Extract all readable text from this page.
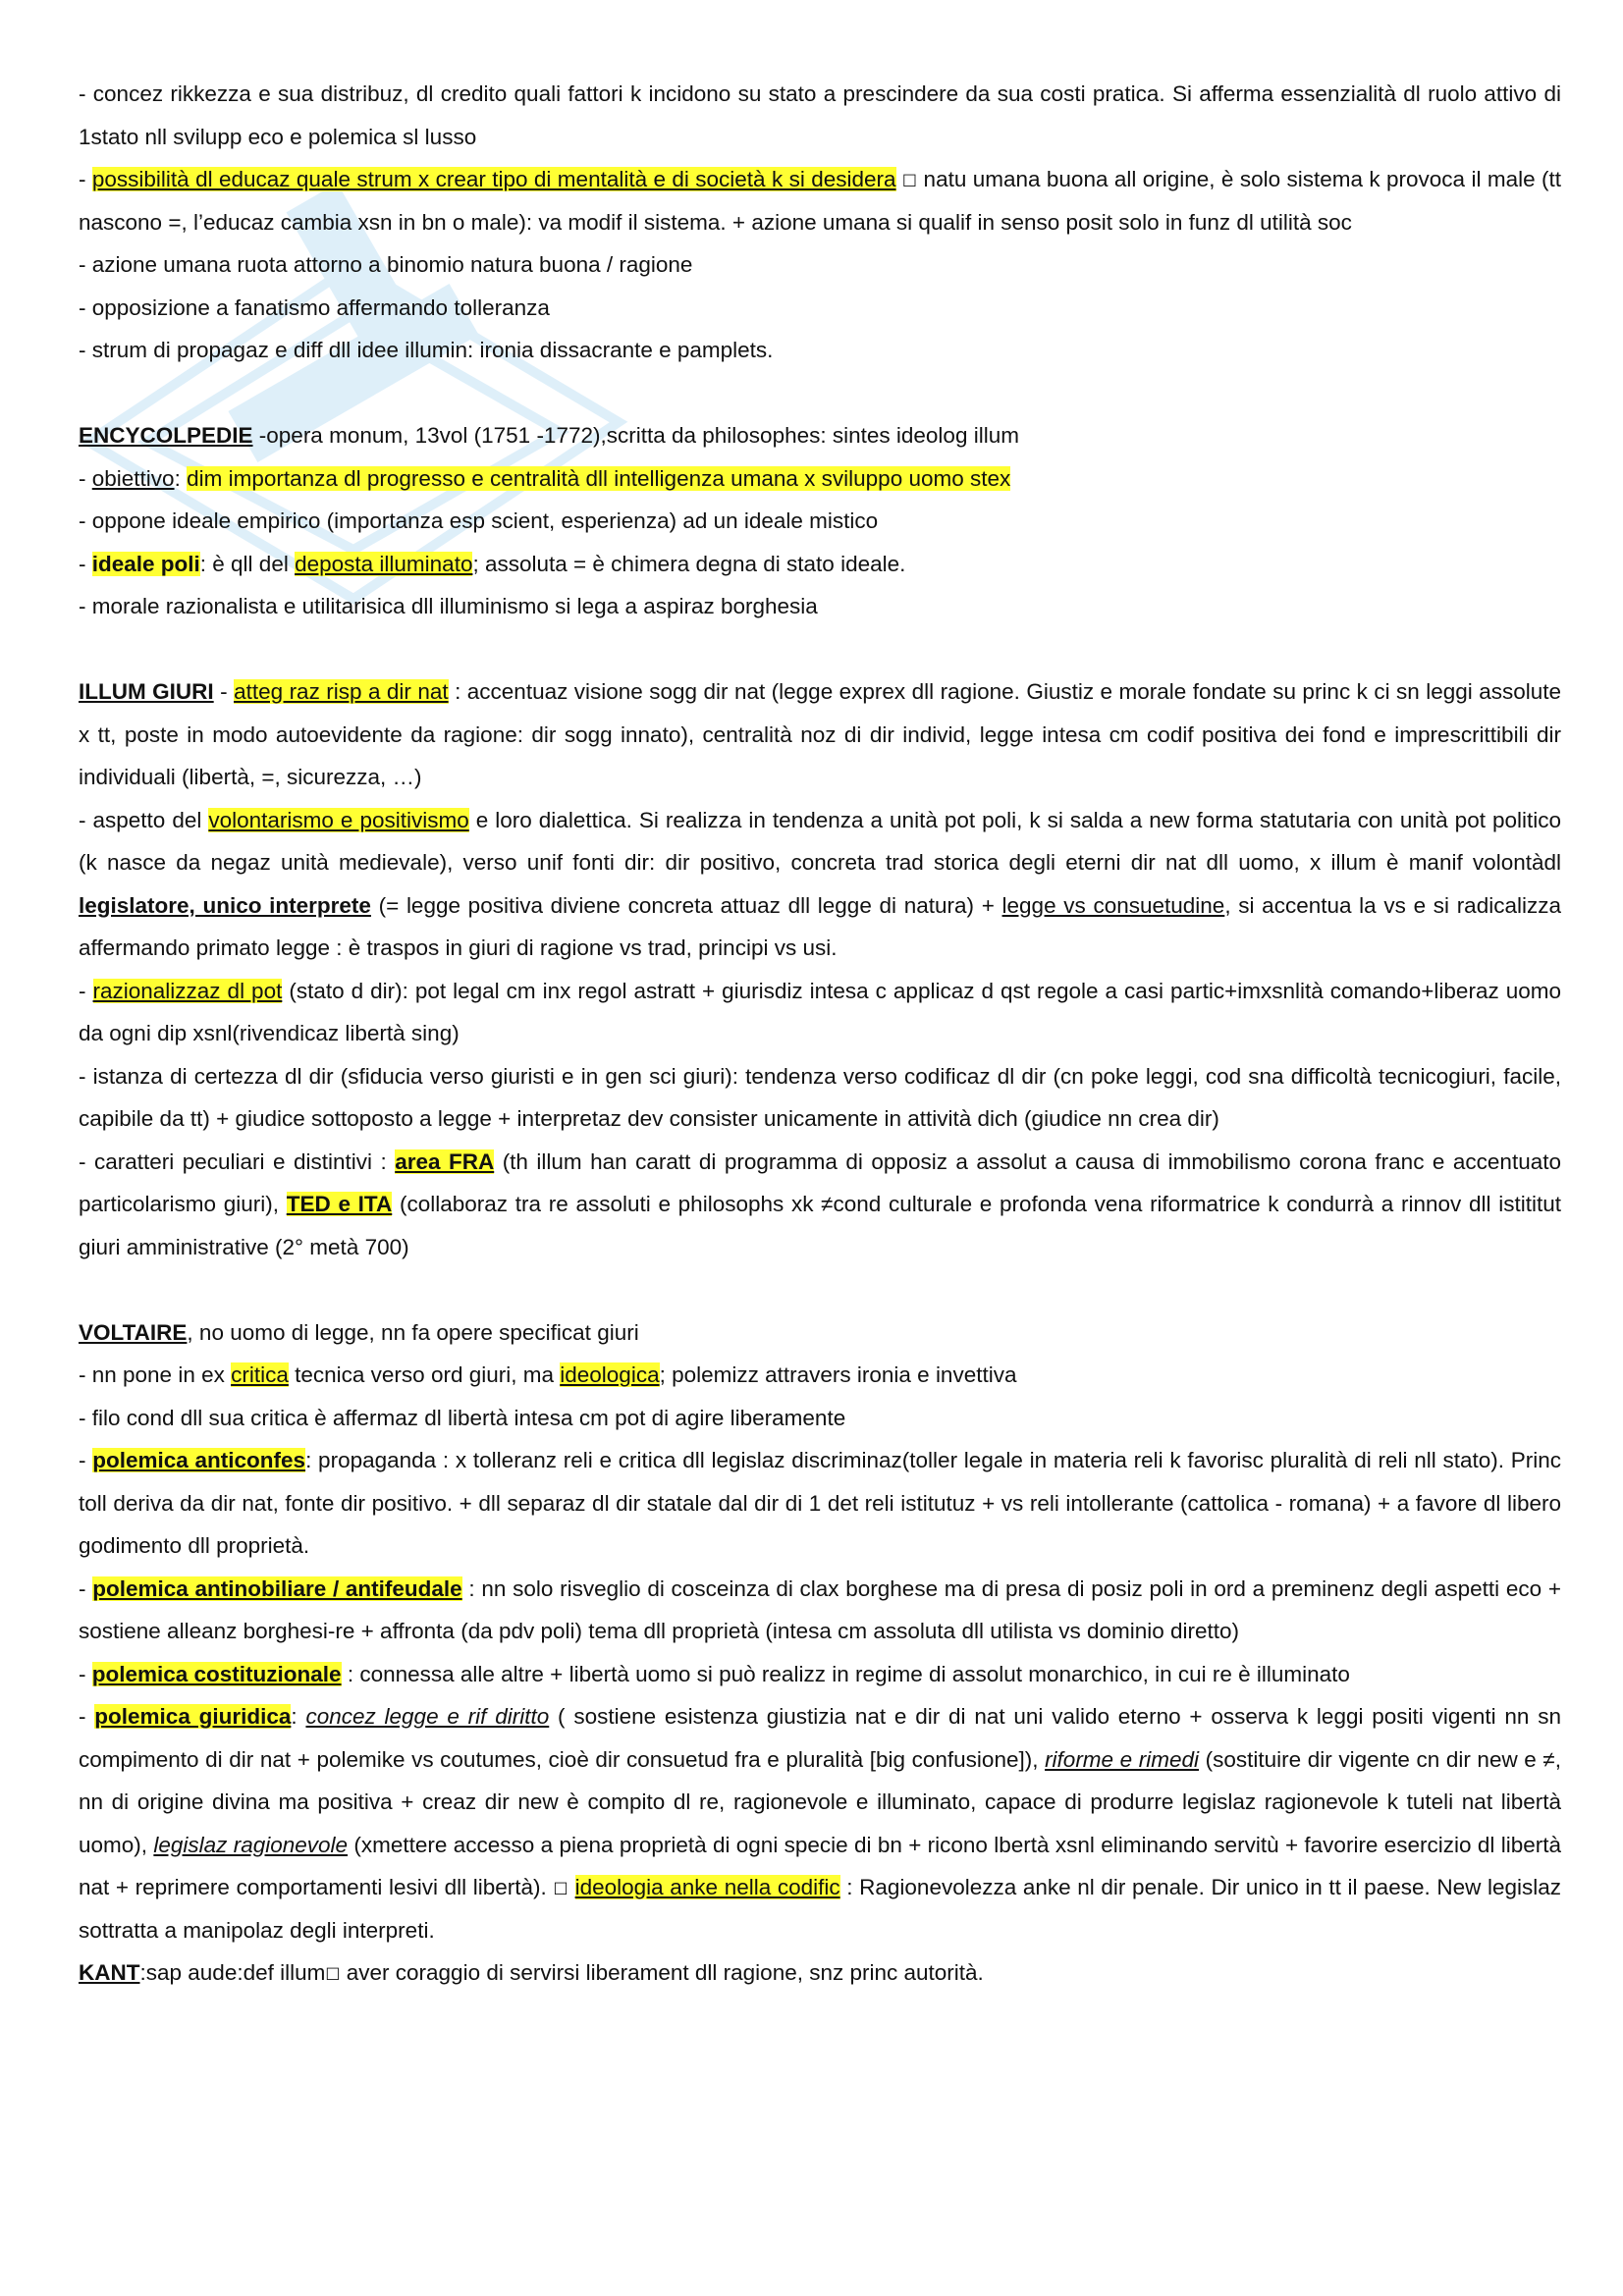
- concez rikkezza e sua distribuz, dl credito quali fattori k incidono su stato a prescindere da sua costi pratica. Si afferma essenzialità dl ruolo attivo di 1stato nll svilupp eco e polemica sl lusso

- possibilità dl educaz quale strum x crear tipo di mentalità e di società k si desidera □ natu umana buona all origine, è solo sistema k provoca il male (tt nascono =, l’educaz cambia xsn in bn o male): va modif il sistema. + azione umana si qualif in senso posit solo in funz dl utilità soc

- azione umana ruota attorno a binomio natura buona / ragione

- opposizione a fanatismo affermando tolleranza

- strum di propagaz e diff dll idee illumin: ironia dissacrante e pamplets.

ENCYCOLPEDIE -opera monum, 13vol (1751 -1772),scritta da philosophes: sintes ideolog illum

- obiettivo: dim importanza dl progresso e centralità dll intelligenza umana x sviluppo uomo stex

- oppone ideale empirico (importanza esp scient, esperienza) ad un ideale mistico

- ideale poli: è qll del deposta illuminato; assoluta = è chimera degna di stato ideale.

- morale razionalista e utilitarisica dll illuminismo si lega a aspiraz borghesia

ILLUM GIURI - atteg raz risp a dir nat : accentuaz visione sogg dir nat (legge exprex dll ragione. Giustiz e morale fondate su princ k ci sn leggi assolute x tt, poste in modo autoevidente da ragione: dir sogg innato), centralità noz di dir individ, legge intesa cm codif positiva dei fond e imprescrittibili dir individuali (libertà, =, sicurezza, …)

- aspetto del volontarismo e positivismo e loro dialettica. Si realizza in tendenza a unità pot poli, k si salda a new forma statutaria con unità pot politico (k nasce da negaz unità medievale), verso unif fonti dir: dir positivo, concreta trad storica degli eterni dir nat dll uomo, x illum è manif volontàdl legislatore, unico interprete (= legge positiva diviene concreta attuaz dll legge di natura) + legge vs consuetudine, si accentua la vs e si radicalizza affermando primato legge : è traspos in giuri di ragione vs trad, principi vs usi.

- razionalizzaz dl pot (stato d dir): pot legal cm inx regol astratt + giurisdiz intesa c applicaz d qst regole a casi partic+imxsnlità comando+liberaz uomo da ogni dip xsnl(rivendicaz libertà sing)

- istanza di certezza dl dir (sfiducia verso giuristi e in gen sci giuri): tendenza verso codificaz dl dir (cn poke leggi, cod sna difficoltà tecnicogiuri, facile, capibile da tt) + giudice sottoposto a legge + interpretaz dev consister unicamente in attività dich (giudice nn crea dir)

- caratteri peculiari e distintivi : area FRA (th illum han caratt di programma di opposiz a assolut a causa di immobilismo corona franc e accentuato particolarismo giuri), TED e ITA (collaboraz tra re assoluti e philosophs xk ≠cond culturale e profonda vena riformatrice k condurrà a rinnov dll istititut giuri amministrative (2° metà 700)

VOLTAIRE, no uomo di legge, nn fa opere specificat giuri

- nn pone in ex critica tecnica verso ord giuri, ma ideologica; polemizz attravers ironia e invettiva

- filo cond dll sua critica è affermaz dl libertà intesa cm pot di agire liberamente

- polemica anticonfes: propaganda : x tolleranz reli e critica dll legislaz discriminaz(toller legale in materia reli k favorisc pluralità di reli nll stato). Princ toll deriva da dir nat, fonte dir positivo. + dll separaz dl dir statale dal dir di 1 det reli istitutuz + vs reli intollerante (cattolica - romana) + a favore dl libero godimento dll proprietà.

- polemica antinobiliare / antifeudale : nn solo risveglio di cosceinza di clax borghese ma di presa di posiz poli in ord a preminenz degli aspetti eco + sostiene alleanz borghesi-re + affronta (da pdv poli) tema dll proprietà (intesa cm assoluta dll utilista vs dominio diretto)

- polemica costituzionale : connessa alle altre + libertà uomo si può realizz in regime di assolut monarchico, in cui re è illuminato

- polemica giuridica: concez legge e rif diritto ( sostiene esistenza giustizia nat e dir di nat uni valido eterno + osserva k leggi positi vigenti nn sn compimento di dir nat + polemike vs coutumes, cioè dir consuetud fra e pluralità [big confusione]), riforme e rimedi (sostituire dir vigente cn dir new e ≠, nn di origine divina ma positiva + creaz dir new è compito dl re, ragionevole e illuminato, capace di produrre legislaz ragionevole k tuteli nat libertà uomo), legislaz ragionevole (xmettere accesso a piena proprietà di ogni specie di bn + ricono lbertà xsnl eliminando servitù + favorire esercizio dl libertà nat + reprimere comportamenti lesivi dll libertà). □ ideologia anke nella codific : Ragionevolezza anke nl dir penale. Dir unico in tt il paese. New legislaz sottratta a manipolaz degli interpreti.

KANT:sap aude:def illum□ aver coraggio di servirsi liberament dll ragione, snz princ autorità.
